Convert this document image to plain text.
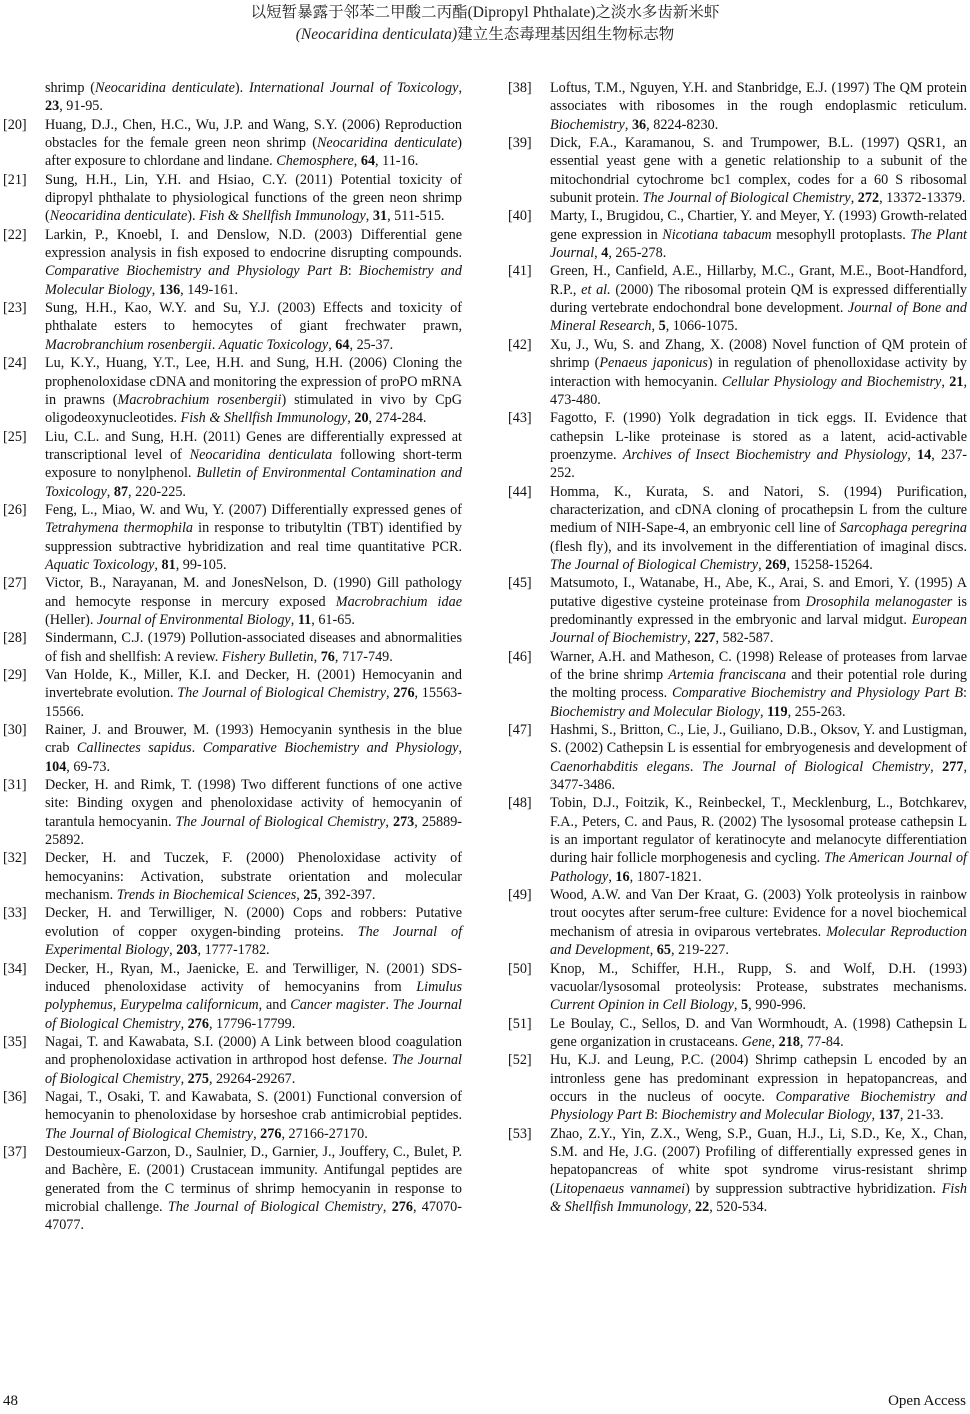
以短暂暴露于邻苯二甲酸二丙酯(Dipropyl Phthalate)之淡水多齿新米虾
(Neocaridina denticulata)建立生态毒理基因组生物标志物
shrimp (Neocaridina denticulate). International Journal of Toxicology, 23, 91-95.
[20] Huang, D.J., Chen, H.C., Wu, J.P. and Wang, S.Y. (2006) Reproduction obstacles for the female green neon shrimp (Neocaridina denticulate) after exposure to chlordane and lindane. Chemosphere, 64, 11-16.
[21] Sung, H.H., Lin, Y.H. and Hsiao, C.Y. (2011) Potential toxicity of dipropyl phthalate to physiological functions of the green neon shrimp (Neocaridina denticulate). Fish & Shellfish Immunology, 31, 511-515.
[22] Larkin, P., Knoebl, I. and Denslow, N.D. (2003) Differential gene expression analysis in fish exposed to endocrine disrupting compounds. Comparative Biochemistry and Physiology Part B: Biochemistry and Molecular Biology, 136, 149-161.
[23] Sung, H.H., Kao, W.Y. and Su, Y.J. (2003) Effects and toxicity of phthalate esters to hemocytes of giant frechwater prawn, Macrobranchium rosenbergii. Aquatic Toxicology, 64, 25-37.
[24] Lu, K.Y., Huang, Y.T., Lee, H.H. and Sung, H.H. (2006) Cloning the prophenoloxidase cDNA and monitoring the expression of proPO mRNA in prawns (Macrobrachium rosenbergii) stimulated in vivo by CpG oligodeoxynucleotides. Fish & Shellfish Immunology, 20, 274-284.
[25] Liu, C.L. and Sung, H.H. (2011) Genes are differentially expressed at transcriptional level of Neocaridina denticulata following short-term exposure to nonylphenol. Bulletin of Environmental Contamination and Toxicology, 87, 220-225.
[26] Feng, L., Miao, W. and Wu, Y. (2007) Differentially expressed genes of Tetrahymena thermophila in response to tributyltin (TBT) identified by suppression subtractive hybridization and real time quantitative PCR. Aquatic Toxicology, 81, 99-105.
[27] Victor, B., Narayanan, M. and JonesNelson, D. (1990) Gill pathology and hemocyte response in mercury exposed Macrobrachium idae (Heller). Journal of Environmental Biology, 11, 61-65.
[28] Sindermann, C.J. (1979) Pollution-associated diseases and abnormalities of fish and shellfish: A review. Fishery Bulletin, 76, 717-749.
[29] Van Holde, K., Miller, K.I. and Decker, H. (2001) Hemocyanin and invertebrate evolution. The Journal of Biological Chemistry, 276, 15563-15566.
[30] Rainer, J. and Brouwer, M. (1993) Hemocyanin synthesis in the blue crab Callinectes sapidus. Comparative Biochemistry and Physiology, 104, 69-73.
[31] Decker, H. and Rimk, T. (1998) Two different functions of one active site: Binding oxygen and phenoloxidase activity of hemocyanin of tarantula hemocyanin. The Journal of Biological Chemistry, 273, 25889-25892.
[32] Decker, H. and Tuczek, F. (2000) Phenoloxidase activity of hemocyanins: Activation, substrate orientation and molecular mechanism. Trends in Biochemical Sciences, 25, 392-397.
[33] Decker, H. and Terwilliger, N. (2000) Cops and robbers: Putative evolution of copper oxygen-binding proteins. The Journal of Experimental Biology, 203, 1777-1782.
[34] Decker, H., Ryan, M., Jaenicke, E. and Terwilliger, N. (2001) SDS-induced phenoloxidase activity of hemocyanins from Limulus polyphemus, Eurypelma californicum, and Cancer magister. The Journal of Biological Chemistry, 276, 17796-17799.
[35] Nagai, T. and Kawabata, S.I. (2000) A Link between blood coagulation and prophenoloxidase activation in arthropod host defense. The Journal of Biological Chemistry, 275, 29264-29267.
[36] Nagai, T., Osaki, T. and Kawabata, S. (2001) Functional conversion of hemocyanin to phenoloxidase by horseshoe crab antimicrobial peptides. The Journal of Biological Chemistry, 276, 27166-27170.
[37] Destoumieux-Garzon, D., Saulnier, D., Garnier, J., Jouffery, C., Bulet, P. and Bachère, E. (2001) Crustacean immunity. Antifungal peptides are generated from the C terminus of shrimp hemocyanin in response to microbial challenge. The Journal of Biological Chemistry, 276, 47070-47077.
[38] Loftus, T.M., Nguyen, Y.H. and Stanbridge, E.J. (1997) The QM protein associates with ribosomes in the rough endoplasmic reticulum. Biochemistry, 36, 8224-8230.
[39] Dick, F.A., Karamanou, S. and Trumpower, B.L. (1997) QSR1, an essential yeast gene with a genetic relationship to a subunit of the mitochondrial cytochrome bc1 complex, codes for a 60 S ribosomal subunit protein. The Journal of Biological Chemistry, 272, 13372-13379.
[40] Marty, I., Brugidou, C., Chartier, Y. and Meyer, Y. (1993) Growth-related gene expression in Nicotiana tabacum mesophyll protoplasts. The Plant Journal, 4, 265-278.
[41] Green, H., Canfield, A.E., Hillarby, M.C., Grant, M.E., Boot-Handford, R.P., et al. (2000) The ribosomal protein QM is expressed differentially during vertebrate endochondral bone development. Journal of Bone and Mineral Research, 5, 1066-1075.
[42] Xu, J., Wu, S. and Zhang, X. (2008) Novel function of QM protein of shrimp (Penaeus japonicus) in regulation of phenolloxidase activity by interaction with hemocyanin. Cellular Physiology and Biochemistry, 21, 473-480.
[43] Fagotto, F. (1990) Yolk degradation in tick eggs. II. Evidence that cathepsin L-like proteinase is stored as a latent, acid-activable proenzyme. Archives of Insect Biochemistry and Physiology, 14, 237-252.
[44] Homma, K., Kurata, S. and Natori, S. (1994) Purification, characterization, and cDNA cloning of procathepsin L from the culture medium of NIH-Sape-4, an embryonic cell line of Sarcophaga peregrina (flesh fly), and its involvement in the differentiation of imaginal discs. The Journal of Biological Chemistry, 269, 15258-15264.
[45] Matsumoto, I., Watanabe, H., Abe, K., Arai, S. and Emori, Y. (1995) A putative digestive cysteine proteinase from Drosophila melanogaster is predominantly expressed in the embryonic and larval midgut. European Journal of Biochemistry, 227, 582-587.
[46] Warner, A.H. and Matheson, C. (1998) Release of proteases from larvae of the brine shrimp Artemia franciscana and their potential role during the molting process. Comparative Biochemistry and Physiology Part B: Biochemistry and Molecular Biology, 119, 255-263.
[47] Hashmi, S., Britton, C., Lie, J., Guiliano, D.B., Oksov, Y. and Lustigman, S. (2002) Cathepsin L is essential for embryogenesis and development of Caenorhabditis elegans. The Journal of Biological Chemistry, 277, 3477-3486.
[48] Tobin, D.J., Foitzik, K., Reinbeckel, T., Mecklenburg, L., Botchkarev, F.A., Peters, C. and Paus, R. (2002) The lysosomal protease cathepsin L is an important regulator of keratinocyte and melanocyte differentiation during hair follicle morphogenesis and cycling. The American Journal of Pathology, 16, 1807-1821.
[49] Wood, A.W. and Van Der Kraat, G. (2003) Yolk proteolysis in rainbow trout oocytes after serum-free culture: Evidence for a novel biochemical mechanism of atresia in oviparous vertebrates. Molecular Reproduction and Development, 65, 219-227.
[50] Knop, M., Schiffer, H.H., Rupp, S. and Wolf, D.H. (1993) vacuolar/lysosomal proteolysis: Protease, substrates mechanisms. Current Opinion in Cell Biology, 5, 990-996.
[51] Le Boulay, C., Sellos, D. and Van Wormhoudt, A. (1998) Cathepsin L gene organization in crustaceans. Gene, 218, 77-84.
[52] Hu, K.J. and Leung, P.C. (2004) Shrimp cathepsin L encoded by an intronless gene has predominant expression in hepatopancreas, and occurs in the nucleus of oocyte. Comparative Biochemistry and Physiology Part B: Biochemistry and Molecular Biology, 137, 21-33.
[53] Zhao, Z.Y., Yin, Z.X., Weng, S.P., Guan, H.J., Li, S.D., Ke, X., Chan, S.M. and He, J.G. (2007) Profiling of differentially expressed genes in hepatopancreas of white spot syndrome virus-resistant shrimp (Litopenaeus vannamei) by suppression subtractive hybridization. Fish & Shellfish Immunology, 22, 520-534.
48	Open Access
